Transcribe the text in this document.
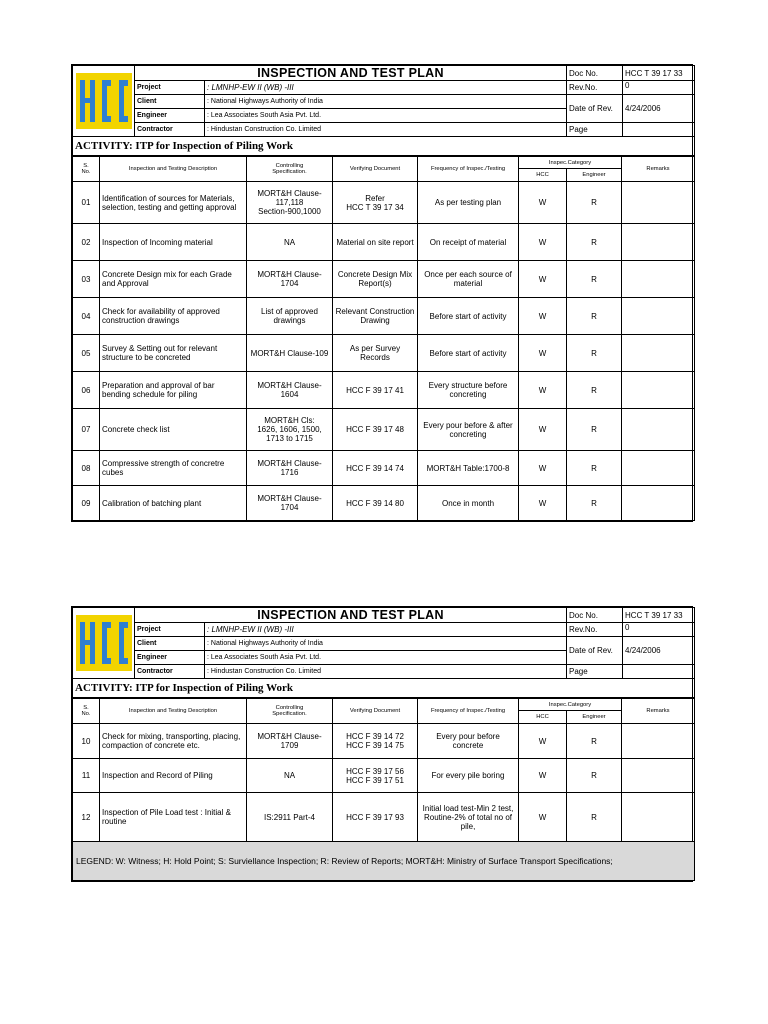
	INSPECTION AND TEST PLAN		Doc No.	HCC T 39 17 33
	Project	: LMNHP-EW II (WB) -III	Rev.No.	0
	Client	: National Highways Authority of India	Date of Rev.	4/24/2006
	Engineer	: Lea Associates South Asia Pvt. Ltd.		
	Contractor	: Hindustan Construction Co. Limited	Page	
ACTIVITY: ITP for Inspection of Piling Work				
S.
No.	Inspection and Testing Description	Controlling
Specification.	Verifying Document	Frequency of Inspec./Testing	Inspec.Category		Remarks
					HCC	Engineer	
01	Identification of sources for Materials, selection, testing and getting approval	MORT&H Clause-117,118
Section-900,1000	Refer
HCC T 39 17 34	As per testing plan	W	R	
02	Inspection of Incoming material	NA	Material on site report	On receipt of material	W	R	
03	Concrete Design mix for each Grade and Approval	MORT&H Clause-1704	Concrete Design Mix Report(s)	Once per each source of material	W	R	
04	Check for availability of approved construction drawings	List of approved drawings	Relevant Construction Drawing	Before start of activity	W	R	
05	Survey & Setting out for relevant structure to be concreted	MORT&H Clause-109	As per Survey Records	Before start of activity	W	R	
06	Preparation and approval of bar bending schedule for piling	MORT&H Clause-1604	HCC F 39 17 41	Every structure before concreting	W	R	
07	Concrete check list	MORT&H Cls:
1626, 1606, 1500, 1713 to 1715	HCC F 39 17 48	Every pour before & after concreting	W	R	
08	Compressive strength of concretre cubes	MORT&H Clause-1716	HCC F 39 14 74	MORT&H Table:1700-8	W	R	
09	Calibration of batching plant	MORT&H Clause-1704	HCC F 39 14 80	Once in month	W	R	
	INSPECTION AND TEST PLAN		Doc No.	HCC T 39 17 33
	Project	: LMNHP-EW II (WB) -III	Rev.No.	0
	Client	: National Highways Authority of India	Date of Rev.	4/24/2006
	Engineer	: Lea Associates South Asia Pvt. Ltd.		
	Contractor	: Hindustan Construction Co. Limited	Page	
ACTIVITY: ITP for Inspection of Piling Work				
S.
No.	Inspection and Testing Description	Controlling
Specification.	Verifying Document	Frequency of Inspec./Testing	Inspec.Category		Remarks
					HCC	Engineer	
10	Check for mixing, transporting, placing, compaction of concrete etc.	MORT&H Clause-1709	HCC F 39 14 72
HCC F 39 14 75	Every pour before concrete	W	R	
11	Inspection and Record of Piling	NA	HCC F 39 17 56
HCC F 39 17 51	For every pile boring	W	R	
12	Inspection of Pile Load test : Initial & routine	IS:2911 Part-4	HCC F 39 17 93	Initial load test-Min 2 test, Routine-2% of total no of pile,	W	R	
LEGEND: W: Witness; H: Hold Point; S: Surviellance Inspection; R: Review of Reports; MORT&H: Ministry of Surface Transport Specifications;							
